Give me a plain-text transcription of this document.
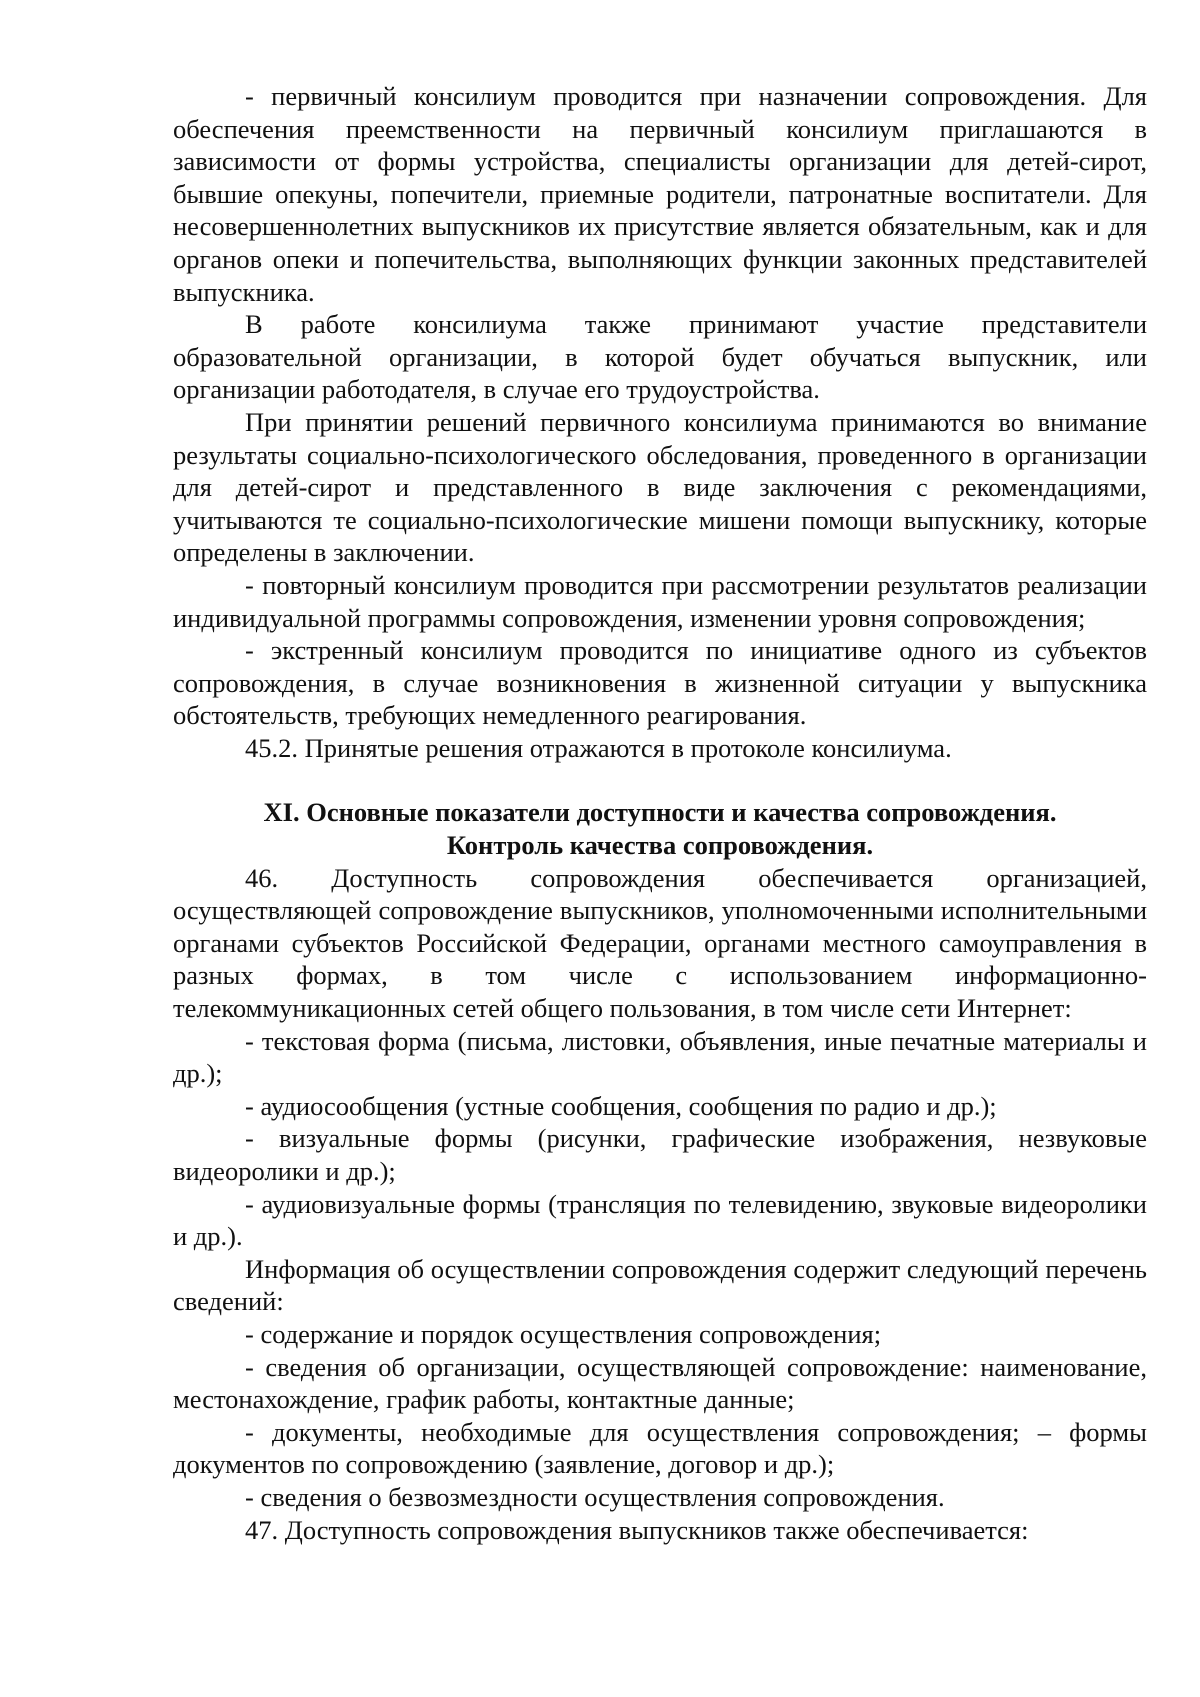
- первичный консилиум проводится при назначении сопровождения. Для обеспечения преемственности на первичный консилиум приглашаются в зависимости от формы устройства, специалисты организации для детей-сирот, бывшие опекуны, попечители, приемные родители, патронатные воспитатели. Для несовершеннолетних выпускников их присутствие является обязательным, как и для органов опеки и попечительства, выполняющих функции законных представителей выпускника.

В работе консилиума также принимают участие представители образовательной организации, в которой будет обучаться выпускник, или организации работодателя, в случае его трудоустройства.

При принятии решений первичного консилиума принимаются во внимание результаты социально-психологического обследования, проведенного в организации для детей-сирот и представленного в виде заключения с рекомендациями, учитываются те социально-психологические мишени помощи выпускнику, которые определены в заключении.

- повторный консилиум проводится при рассмотрении результатов реализации индивидуальной программы сопровождения, изменении уровня сопровождения;

- экстренный консилиум проводится по инициативе одного из субъектов сопровождения, в случае возникновения в жизненной ситуации у выпускника обстоятельств, требующих немедленного реагирования.

45.2. Принятые решения отражаются в протоколе консилиума.

XI. Основные показатели доступности и качества сопровождения.

Контроль качества сопровождения.

46. Доступность сопровождения обеспечивается организацией, осуществляющей сопровождение выпускников, уполномоченными исполнительными органами субъектов Российской Федерации, органами местного самоуправления в разных формах, в том числе с использованием информационно-телекоммуникационных сетей общего пользования, в том числе сети Интернет:

- текстовая форма (письма, листовки, объявления, иные печатные материалы и др.);

- аудиосообщения (устные сообщения, сообщения по радио и др.);

- визуальные формы (рисунки, графические изображения, незвуковые видеоролики и др.);

- аудиовизуальные формы (трансляция по телевидению, звуковые видеоролики и др.).

Информация об осуществлении сопровождения содержит следующий перечень сведений:

- содержание и порядок осуществления сопровождения;

- сведения об организации, осуществляющей сопровождение: наименование, местонахождение, график работы, контактные данные;

- документы, необходимые для осуществления сопровождения; – формы документов по сопровождению (заявление, договор и др.);

- сведения о безвозмездности осуществления сопровождения.

47. Доступность сопровождения выпускников также обеспечивается:
